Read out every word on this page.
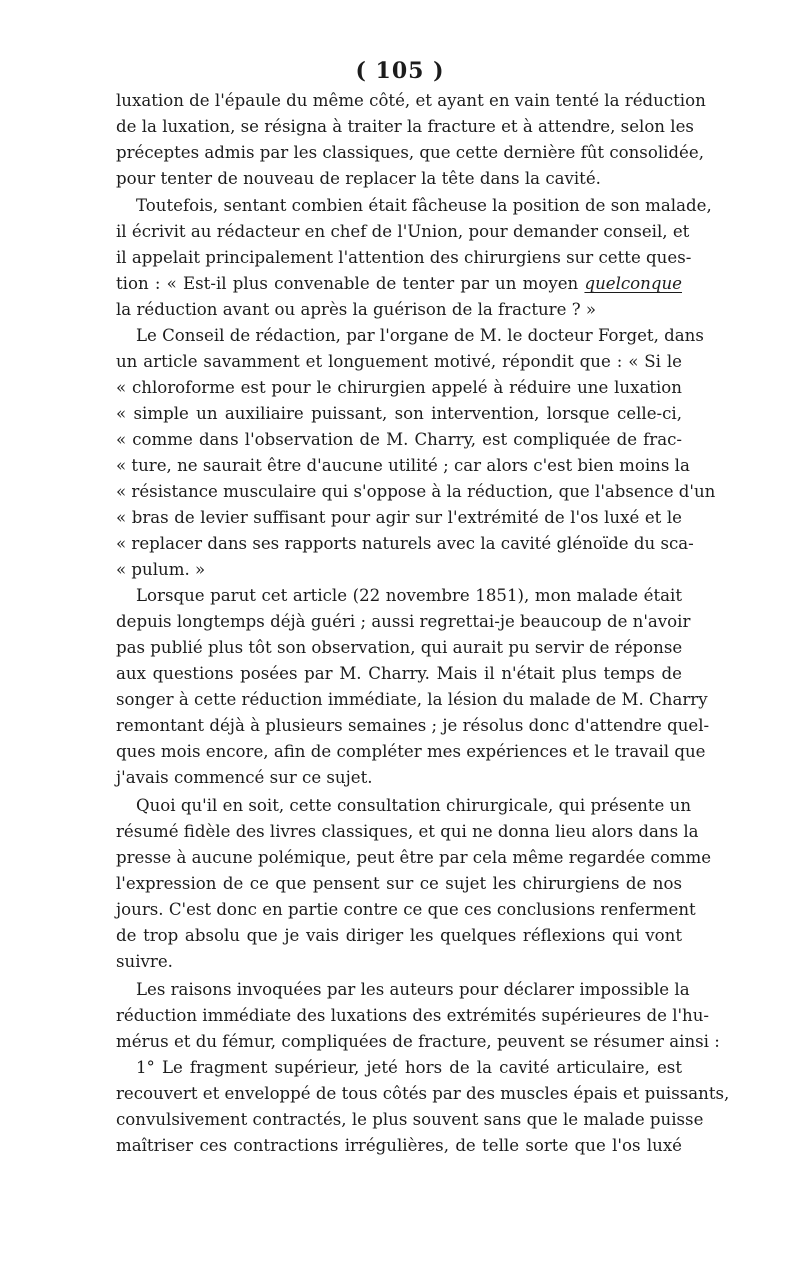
( 105 )
luxation de l'épaule du même côté, et ayant en vain tenté la réduction
de la luxation, se résigna à traiter la fracture et à attendre, selon les
préceptes admis par les classiques, que cette dernière fût consolidée,
pour tenter de nouveau de replacer la tête dans la cavité.
Toutefois, sentant combien était fâcheuse la position de son malade,
il écrivit au rédacteur en chef de l'Union, pour demander conseil, et
il appelait principalement l'attention des chirurgiens sur cette ques-
tion : « Est-il plus convenable de tenter par un moyen quelconque
la réduction avant ou après la guérison de la fracture ? »
Le Conseil de rédaction, par l'organe de M. le docteur Forget, dans
un article savamment et longuement motivé, répondit que : « Si le
« chloroforme est pour le chirurgien appelé à réduire une luxation
« simple un auxiliaire puissant, son intervention, lorsque celle-ci,
« comme dans l'observation de M. Charry, est compliquée de frac-
« ture, ne saurait être d'aucune utilité ; car alors c'est bien moins la
« résistance musculaire qui s'oppose à la réduction, que l'absence d'un
« bras de levier suffisant pour agir sur l'extrémité de l'os luxé et le
« replacer dans ses rapports naturels avec la cavité glénoïde du sca-
« pulum. »
Lorsque parut cet article (22 novembre 1851), mon malade était
depuis longtemps déjà guéri ; aussi regrettai-je beaucoup de n'avoir
pas publié plus tôt son observation, qui aurait pu servir de réponse
aux questions posées par M. Charry. Mais il n'était plus temps de
songer à cette réduction immédiate, la lésion du malade de M. Charry
remontant déjà à plusieurs semaines ; je résolus donc d'attendre quel-
ques mois encore, afin de compléter mes expériences et le travail que
j'avais commencé sur ce sujet.
Quoi qu'il en soit, cette consultation chirurgicale, qui présente un
résumé fidèle des livres classiques, et qui ne donna lieu alors dans la
presse à aucune polémique, peut être par cela même regardée comme
l'expression de ce que pensent sur ce sujet les chirurgiens de nos
jours. C'est donc en partie contre ce que ces conclusions renferment
de trop absolu que je vais diriger les quelques réflexions qui vont
suivre.
Les raisons invoquées par les auteurs pour déclarer impossible la
réduction immédiate des luxations des extrémités supérieures de l'hu-
mérus et du fémur, compliquées de fracture, peuvent se résumer ainsi :
1° Le fragment supérieur, jeté hors de la cavité articulaire, est
recouvert et enveloppé de tous côtés par des muscles épais et puissants,
convulsivement contractés, le plus souvent sans que le malade puisse
maîtriser ces contractions irrégulières, de telle sorte que l'os luxé
